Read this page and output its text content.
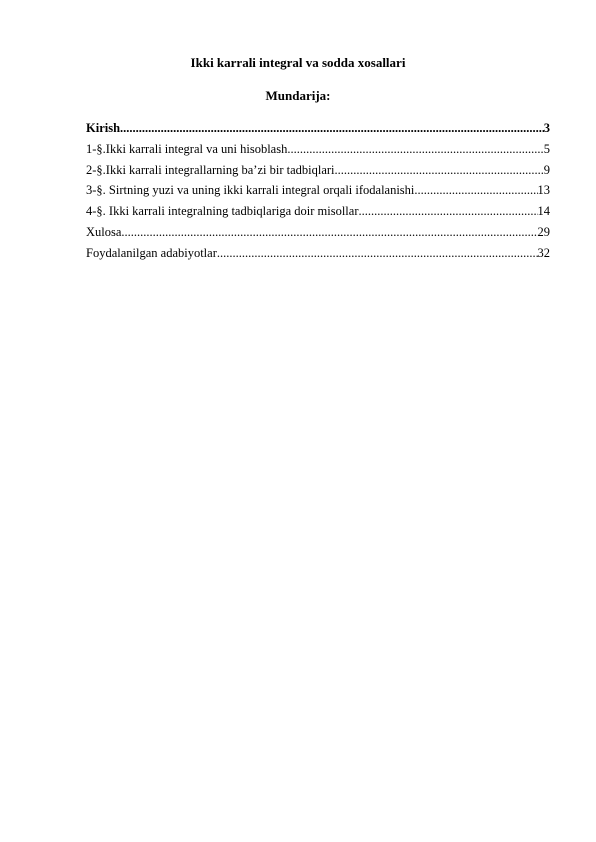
Ikki karrali integral va sodda xosallari
Mundarija:
Kirish .....	3
1-§.Ikki karrali integral va uni hisoblash .....	5
2-§.Ikki karrali integrallarning ba’zi bir tadbiqlari .....	9
3-§. Sirtning yuzi va uning ikki karrali integral orqali ifodalanishi .....	13
4-§. Ikki karrali integralning tadbiqlariga doir misollar .....	14
Xulosa .....	29
Foydalanilgan adabiyotlar .....	32
